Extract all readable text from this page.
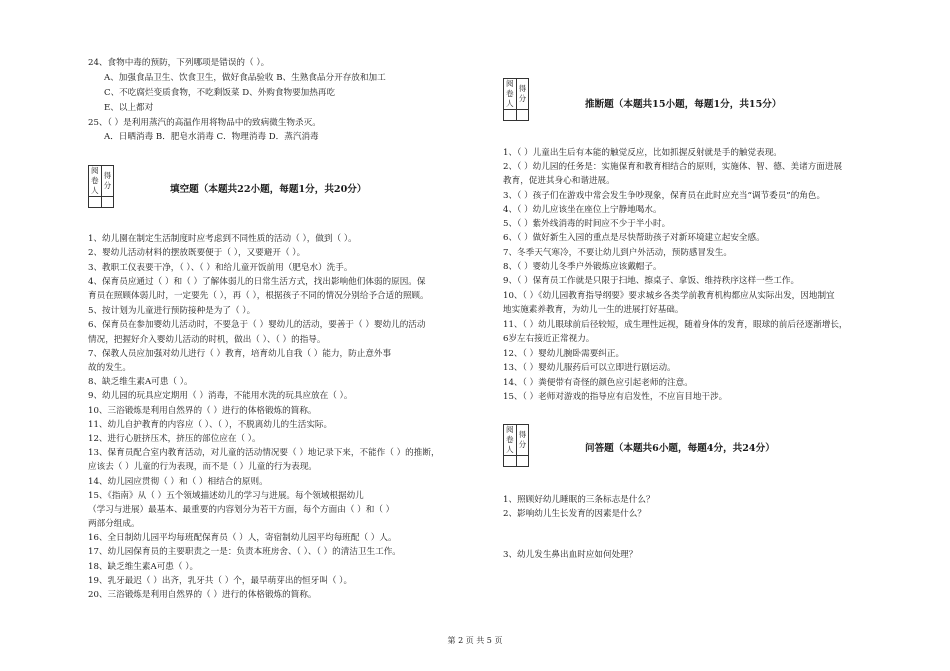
24、食物中毒的预防，下列哪项是错误的（ ）。
A、加强食品卫生、饮食卫生，做好食品验收 B、生熟食品分开存放和加工
C、不吃腐烂变质食物，不吃剩饭菜 D、外购食物要加热再吃
E、以上都对
25、（ ）是利用蒸汽的高温作用将物品中的致病微生物杀灭。
A．日晒消毒 B．肥皂水消毒 C．物理消毒 D．蒸汽消毒
阅卷人	得分
		填空题（本题共22小题，每题1分，共20分）
1、幼儿園在制定生活制度时应考虑到不同性质的活动（ ），做到（ ）。
2、婴幼儿活动材料的摆放既要便于（ ），又要避开（ ）。
3、教职工仪表要干净，（ ）、（ ）和给儿童开饭前用（肥皂水）洗手。
4、保育员应通过（ ）和（ ）了解体弱儿的日常生活方式，找出影响他们体弱的原因。保
育员在照顾体弱儿时，一定要先（ ），再（ ），根据孩子不同的情况分别给予合适的照顾。
5、按计划为儿童进行预防接种是为了（ ）。
6、保育员在参加婴幼儿活动时，不要急于（ ）婴幼儿的活动，要善于（ ）婴幼儿的活动
情况，把握好介入婴幼儿活动的时机，做出（ ）、（ ）的指导。
7、保教人员应加强对幼儿进行（ ）教育，培育幼儿自我（ ）能力，防止意外事
故的发生。
8、缺乏维生素A可患（ ）。
9、幼儿园的玩具应定期用（ ）消毒，不能用水洗的玩具应放在（ ）。
10、三浴锻炼是利用自然界的（ ）进行的体格锻炼的简称。
11、幼儿自护教育的内容应（ ）、（ ），不脱离幼儿的生活实际。
12、进行心脏挤压术，挤压的部位应在（ ）。
13、保育员配合室内教育活动，对儿童的活动情况要（ ）地记录下来，不能作（ ）的推断，
应该去（ ）儿童的行为表现，而不是（ ）儿童的行为表现。
14、幼儿园应贯彻（ ）和（ ）相结合的原则。
15、《指南》从（ ）五个领域描述幼儿的学习与进展。每个领域根据幼儿
（学习与进展）最基本、最重要的内容划分为若干方面，每个方面由（ ）和（ ）
两部分组成。
16、全日制幼儿园平均每班配保育员（ ）人，寄宿制幼儿园平均每班配（ ）人。
17、幼儿园保育员的主要职责之一是：负责本班房舍、（ ）、（ ）的清洁卫生工作。
18、缺乏维生素A可患（ ）。
19、乳牙最迟（ ）出齐，乳牙共（ ）个，最早萌芽出的恒牙叫（ ）。
20、三浴锻炼是利用自然界的（ ）进行的体格锻炼的简称。
阅卷人	得分

推断题（本题共15小题，每题1分，共15分）
1、（ ）儿童出生后有本能的触觉反应，比如抓握反射就是手的触觉表现。
2、（ ）幼儿园的任务是：实施保育和教育相结合的原则，实施体、智、德、美诸方面进展
教育，促进其身心和谐进展。
3、（ ）孩子们在游戏中常会发生争吵现象，保育员在此时应充当“调节委员”的角色。
4、（ ）幼儿应该坐在座位上宁静地喝水。
5、（ ）紫外线消毒的时间应不少于半小时。
6、（ ）做好新生入园的重点是尽快帮助孩子对新环境建立起安全感。
7、冬季天气寒冷，不要让幼儿到户外活动，预防感冒发生。
8、（ ）婴幼儿冬季户外锻炼应该戴帽子。
9、（ ）保育员工作就是只限于扫地、擦桌子、拿饭、维持秩序这样一些工作。
10、（ ）《幼儿园教育指导纲要》要求城乡各类学前教育机构都应从实际出发，因地制宜
地实施素养教育，为幼儿一生的进展打好基础。
11、（ ）幼儿眼球前后径较短，成生理性远视，随着身体的发育，眼球的前后径逐渐增长，
6岁左右接近正常视力。
12、（ ）婴幼儿腕卧需要纠正。
13、（ ）婴幼儿服药后可以立即进行剧运动。
14、（ ）粪便带有奇怪的颜色应引起老师的注意。
15、（ ）老师对游戏的指导应有启发性，不应盲目地干涉。
阅卷人	得分
		问答题（本题共6小题，每题4分，共24分）
1、照顾好幼儿睡眠的三条标志是什么？
2、影响幼儿生长发育的因素是什么？
3、幼儿发生鼻出血时应如何处理？
第 2 页 共 5 页
